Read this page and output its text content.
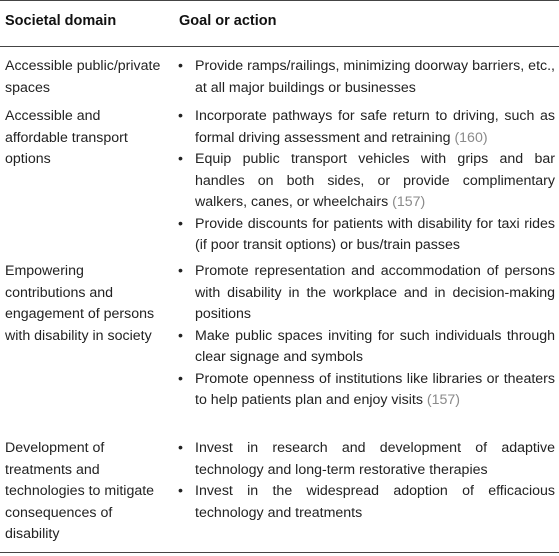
Societal domain	Goal or action
Accessible public/private spaces
• Provide ramps/railings, minimizing doorway barriers, etc., at all major buildings or businesses
Accessible and affordable transport options
• Incorporate pathways for safe return to driving, such as formal driving assessment and retraining (160)
• Equip public transport vehicles with grips and bar handles on both sides, or provide complimentary walkers, canes, or wheelchairs (157)
• Provide discounts for patients with disability for taxi rides (if poor transit options) or bus/train passes
Empowering contributions and engagement of persons with disability in society
• Promote representation and accommodation of persons with disability in the workplace and in decision-making positions
• Make public spaces inviting for such individuals through clear signage and symbols
• Promote openness of institutions like libraries or theaters to help patients plan and enjoy visits (157)
Development of treatments and technologies to mitigate consequences of disability
• Invest in research and development of adaptive technology and long-term restorative therapies
• Invest in the widespread adoption of efficacious technology and treatments
